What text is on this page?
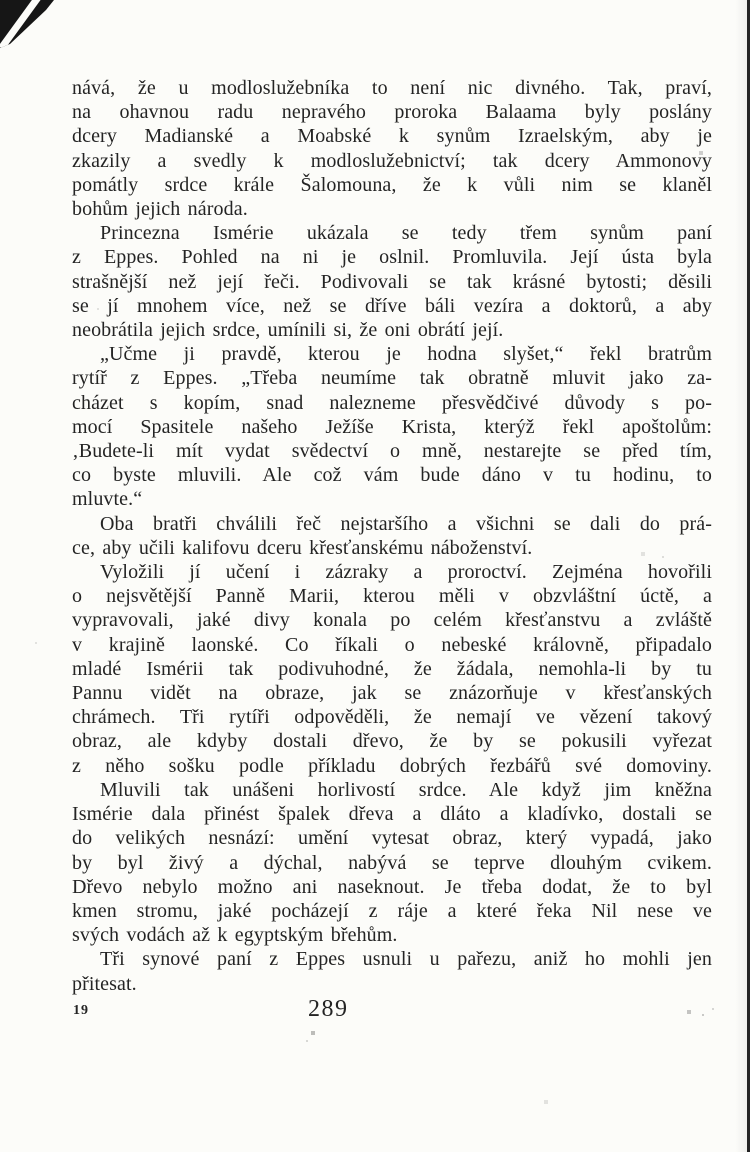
nává, že u modloslužebníka to není nic divného. Tak, praví,
na ohavnou radu nepravého proroka Balaama byly poslány
dcery Madianské a Moabské k synům Izraelským, aby je
zkazily a svedly k modloslužebnictví; tak dcery Ammonovy
pomátly srdce krále Šalomouna, že k vůli nim se klaněl
bohům jejich národa.
Princezna Ismérie ukázala se tedy třem synům paní
z Eppes. Pohled na ni je oslnil. Promluvila. Její ústa byla
strašnější než její řeči. Podivovali se tak krásné bytosti; děsili
se jí mnohem více, než se dříve báli vezíra a doktorů, a aby
neobrátila jejich srdce, umínili si, že oni obrátí její.
„Učme ji pravdě, kterou je hodna slyšet,“ řekl bratrům
rytíř z Eppes. „Třeba neumíme tak obratně mluvit jako za-
cházet s kopím, snad nalezneme přesvědčivé důvody s po-
mocí Spasitele našeho Ježíše Krista, kterýž řekl apoštolům:
‚Budete-li mít vydat svědectví o mně, nestarejte se před tím,
co byste mluvili. Ale což vám bude dáno v tu hodinu, to
mluvte.“
Oba bratři chválili řeč nejstaršího a všichni se dali do prá-
ce, aby učili kalifovu dceru křesťanskému náboženství.
Vyložili jí učení i zázraky a proroctví. Zejména hovořili
o nejsvětější Panně Marii, kterou měli v obzvláštní úctě, a
vypravovali, jaké divy konala po celém křesťanstvu a zvláště
v krajině laonské. Co říkali o nebeské královně, připadalo
mladé Ismérii tak podivuhodné, že žádala, nemohla-li by tu
Pannu vidět na obraze, jak se znázorňuje v křesťanských
chrámech. Tři rytíři odpověděli, že nemají ve vězení takový
obraz, ale kdyby dostali dřevo, že by se pokusili vyřezat
z něho sošku podle příkladu dobrých řezbářů své domoviny.
Mluvili tak unášeni horlivostí srdce. Ale když jim kněžna
Ismérie dala přinést špalek dřeva a dláto a kladívko, dostali se
do velikých nesnází: umění vytesat obraz, který vypadá, jako
by byl živý a dýchal, nabývá se teprve dlouhým cvikem.
Dřevo nebylo možno ani naseknout. Je třeba dodat, že to byl
kmen stromu, jaké pocházejí z ráje a které řeka Nil nese ve
svých vodách až k egyptským břehům.
Tři synové paní z Eppes usnuli u pařezu, aniž ho mohli jen
přitesat.
19	289
